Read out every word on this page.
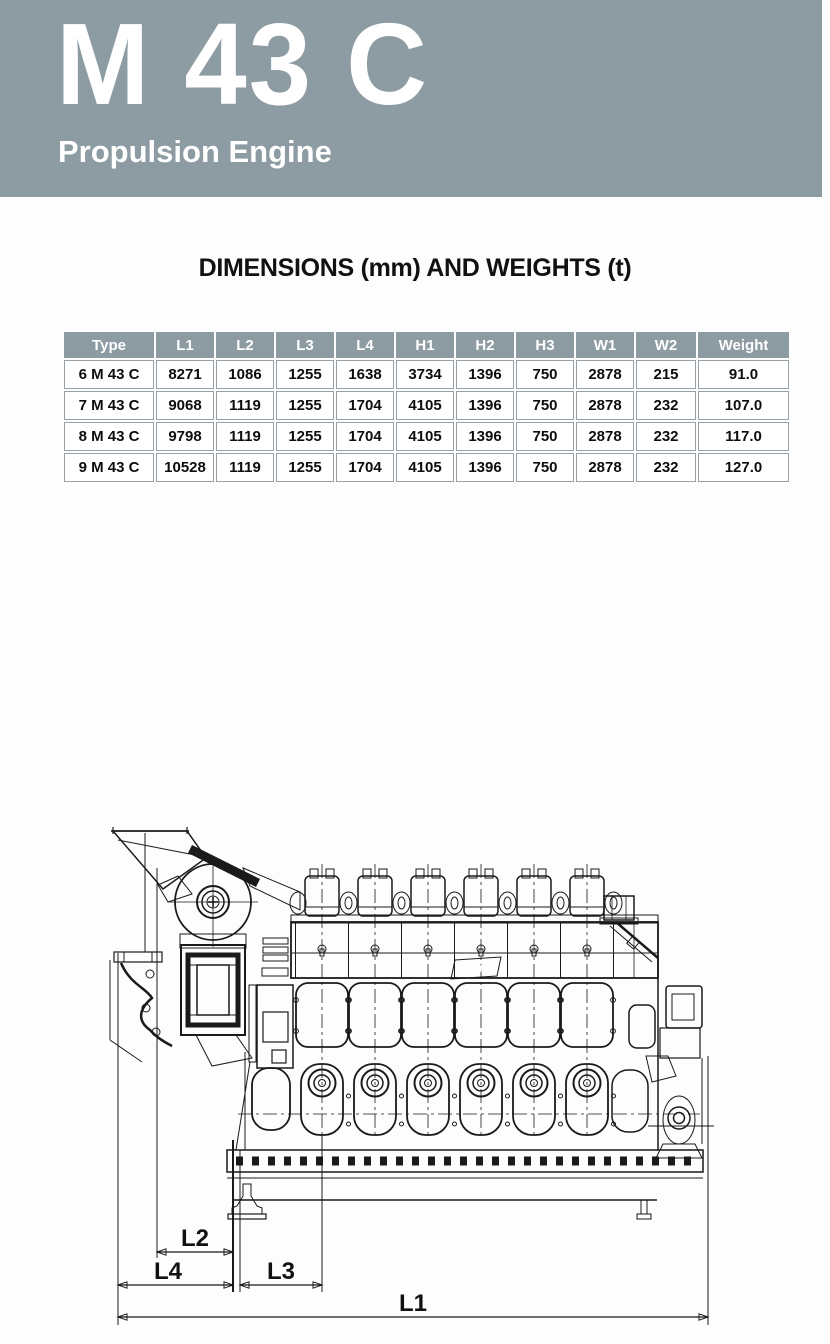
M 43 C
Propulsion Engine
DIMENSIONS (mm) AND WEIGHTS (t)
Type	L1	L2	L3	L4	H1	H2	H3	W1	W2	Weight
6 M 43 C	8271	1086	1255	1638	3734	1396	750	2878	215	91.0
7 M 43 C	9068	1119	1255	1704	4105	1396	750	2878	232	107.0
8 M 43 C	9798	1119	1255	1704	4105	1396	750	2878	232	117.0
9 M 43 C	10528	1119	1255	1704	4105	1396	750	2878	232	127.0
MaK
L2
L4	L3
L1
